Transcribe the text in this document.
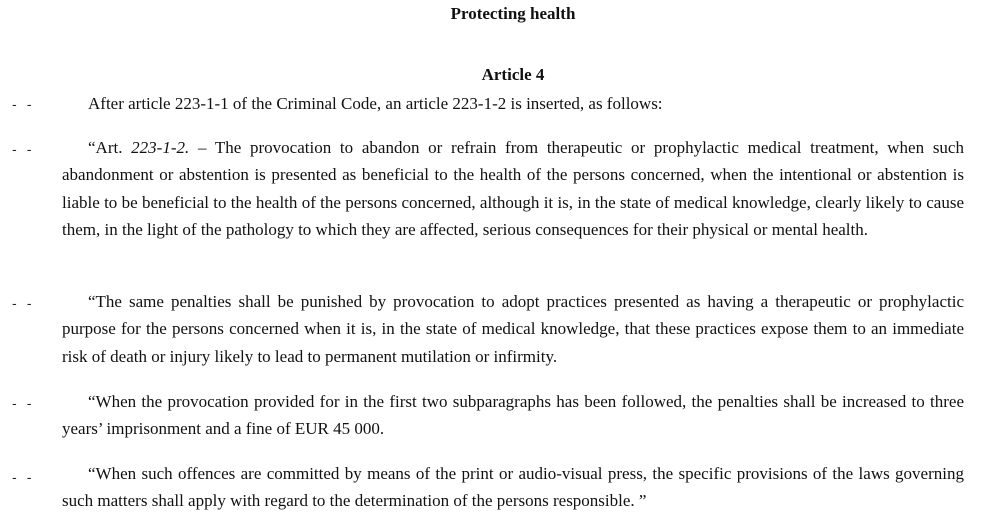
Protecting health
Article 4
- -	After article 223-1-1 of the Criminal Code, an article 223-1-2 is inserted, as follows:

- -	“Art. 223-1-2. – The provocation to abandon or refrain from therapeutic or prophylactic medical treatment, when such abandonment or abstention is presented as beneficial to the health of the persons concerned, when the intentional or abstention is liable to be beneficial to the health of the persons concerned, although it is, in the state of medical knowledge, clearly likely to cause them, in the light of the pathology to which they are affected, serious consequences for their physical or mental health.

- -	“The same penalties shall be punished by provocation to adopt practices presented as having a therapeutic or prophylactic purpose for the persons concerned when it is, in the state of medical knowledge, that these practices expose them to an immediate risk of death or injury likely to lead to permanent mutilation or infirmity.

- -	“When the provocation provided for in the first two subparagraphs has been followed, the penalties shall be increased to three years’ imprisonment and a fine of EUR 45 000.

- -	“When such offences are committed by means of the print or audio-visual press, the specific provisions of the laws governing such matters shall apply with regard to the determination of the persons responsible. ”
